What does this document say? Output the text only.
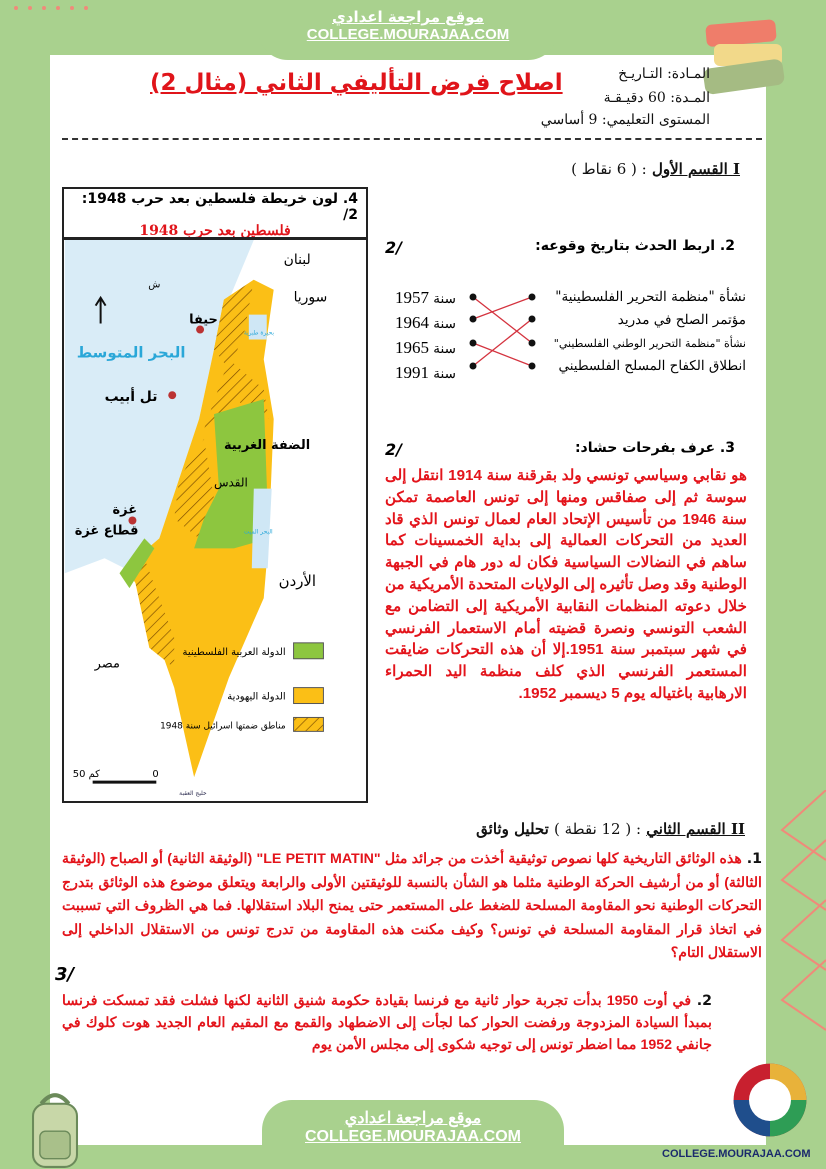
موقع مراجعة اعدادي
COLLEGE.MOURAJAA.COM
المـادة: التـاريـخ
المـدة: 60 دقيـقـة
المستوى التعليمي: 9 أساسي
اصلاح فرض التأليفي الثاني (مثال 2)
I القسم الأول : ( 6 نقاط )
4. لون خريطة فلسطين بعد حرب 1948: 2/
فلسطين بعد حرب 1948
ش
لبنان
سوريا
حيفا
البحر المتوسط
تل أبيب
الضفة الغربية
القدس
غزة
قطاع غزة
الأردن
مصر
بحيرة طبرية
البحر الميت
خليج العقبة
الدولة العربية الفلسطينية
الدولة اليهودية
مناطق ضمتها اسرائيل سنة 1948
50 كم	0
2. اربط الحدث بتاريخ وقوعه:
2/
1957 سنة
1964 سنة
1965 سنة
1991 سنة
نشأة "منظمة التحرير الفلسطينية"
مؤتمر الصلح في مدريد
نشأة "منظمة التحرير الوطني الفلسطيني"
انطلاق الكفاح المسلح الفلسطيني
3. عرف بفرحات حشاد:
2/
هو نقابي وسياسي تونسي ولد بقرقنة سنة 1914 انتقل إلى سوسة ثم إلى صفاقس ومنها إلى تونس العاصمة تمكن سنة 1946 من تأسيس الإتحاد العام لعمال تونس الذي قاد العديد من التحركات العمالية إلى بداية الخمسينات كما ساهم في النضالات السياسية فكان له دور هام في الجبهة الوطنية وقد وصل تأثيره إلى الولايات المتحدة الأمريكية من خلال دعوته المنظمات النقابية الأمريكية إلى التضامن مع الشعب التونسي ونصرة قضيته أمام الاستعمار الفرنسي في شهر سبتمبر سنة 1951.إلا أن هذه التحركات ضايقت المستعمر الفرنسي الذي كلف منظمة اليد الحمراء الارهابية باغتياله يوم 5 ديسمبر 1952.
II القسم الثاني : ( 12 نقطة ) تحليل وثائق
1. هذه الوثائق التاريخية كلها نصوص توثيقية أخذت من جرائد مثل "LE PETIT MATIN" (الوثيقة الثانية) أو الصباح (الوثيقة الثالثة) أو من أرشيف الحركة الوطنية مثلما هو الشأن بالنسبة للوثيقتين الأولى والرابعة ويتعلق موضوع هذه الوثائق بتدرج التحركات الوطنية نحو المقاومة المسلحة للضغط على المستعمر حتى يمنح البلاد استقلالها. فما هي الظروف التي تسببت في اتخاذ قرار المقاومة المسلحة في تونس؟ وكيف مكنت هذه المقاومة من تدرج تونس من الاستقلال الداخلي إلى الاستقلال التام؟
3/
2. في أوت 1950 بدأت تجربة حوار ثانية مع فرنسا بقيادة حكومة شنيق الثانية لكنها فشلت فقد تمسكت فرنسا بمبدأ السيادة المزدوجة ورفضت الحوار كما لجأت إلى الاضطهاد والقمع مع المقيم العام الجديد هوت كلوك في جانفي 1952 مما اضطر تونس إلى توجيه شكوى إلى مجلس الأمن يوم
COLLEGE.MOURAJAA.COM
موقع مراجعة اعدادي
COLLEGE.MOURAJAA.COM
